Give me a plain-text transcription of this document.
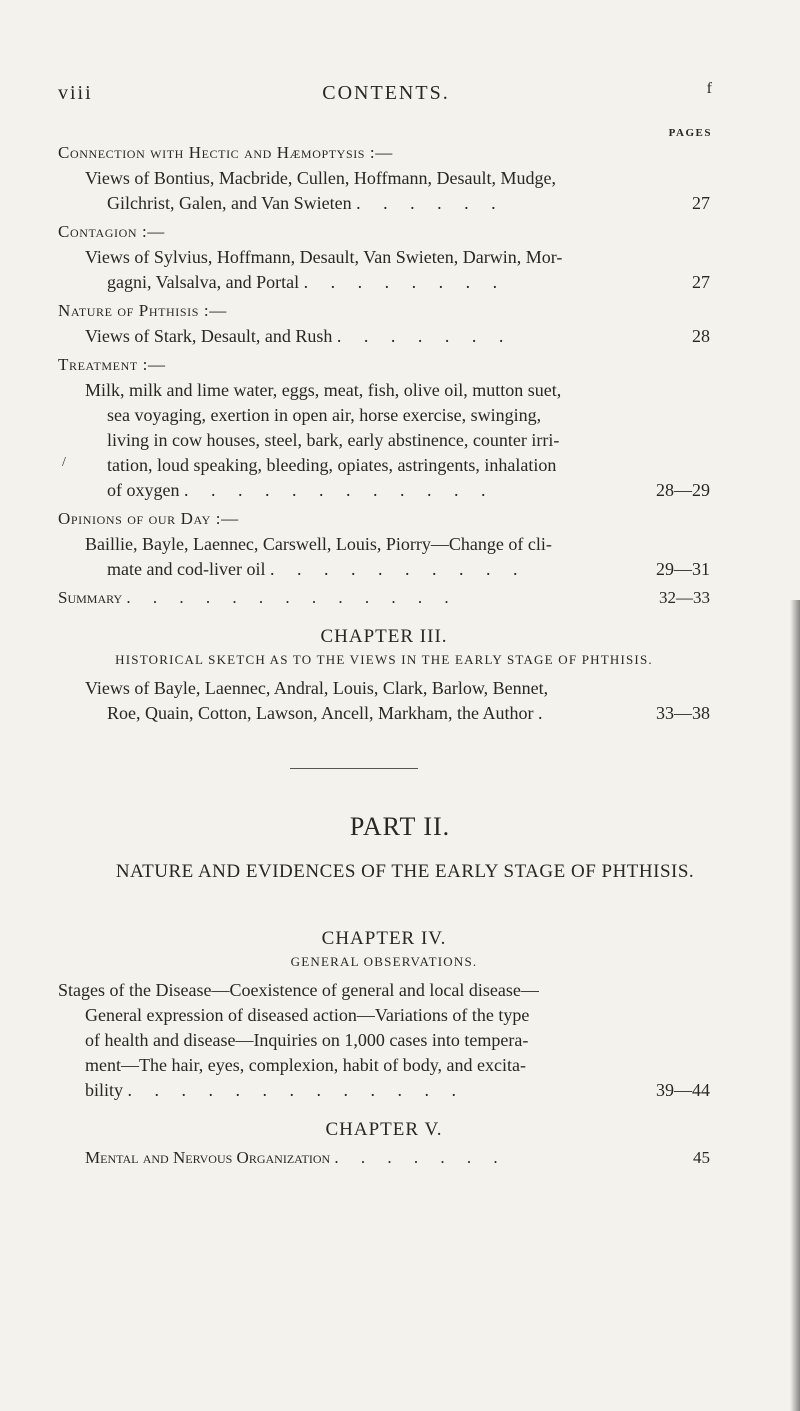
viii	CONTENTS.	f
PAGES
Connection with Hectic and Hæmoptysis :—
Views of Bontius, Macbride, Cullen, Hoffmann, Desault, Mudge,
Gilchrist, Galen, and Van Swieten . . . . . .	27
Contagion :—
Views of Sylvius, Hoffmann, Desault, Van Swieten, Darwin, Mor-
gagni, Valsalva, and Portal . . . . . . . .	27
Nature of Phthisis :—
Views of Stark, Desault, and Rush . . . . . . .	28
Treatment :—
Milk, milk and lime water, eggs, meat, fish, olive oil, mutton suet,
sea voyaging, exertion in open air, horse exercise, swinging,
living in cow houses, steel, bark, early abstinence, counter irri-
tation, loud speaking, bleeding, opiates, astringents, inhalation
of oxygen . . . . . . . . . . . .	28—29
Opinions of our Day :—
Baillie, Bayle, Laennec, Carswell, Louis, Piorry—Change of cli-
mate and cod-liver oil . . . . . . . . . .	29—31
Summary . . . . . . . . . . . . .	32—33
CHAPTER III.
HISTORICAL SKETCH AS TO THE VIEWS IN THE EARLY STAGE OF PHTHISIS.
Views of Bayle, Laennec, Andral, Louis, Clark, Barlow, Bennet,
Roe, Quain, Cotton, Lawson, Ancell, Markham, the Author .	33—38
/
PART II.
NATURE AND EVIDENCES OF THE EARLY STAGE OF PHTHISIS.
CHAPTER IV.
GENERAL OBSERVATIONS.
Stages of the Disease—Coexistence of general and local disease—
General expression of diseased action—Variations of the type
of health and disease—Inquiries on 1,000 cases into tempera-
ment—The hair, eyes, complexion, habit of body, and excita-
bility . . . . . . . . . . . . .	39—44
CHAPTER V.
Mental and Nervous Organization . . . . . . .	45
